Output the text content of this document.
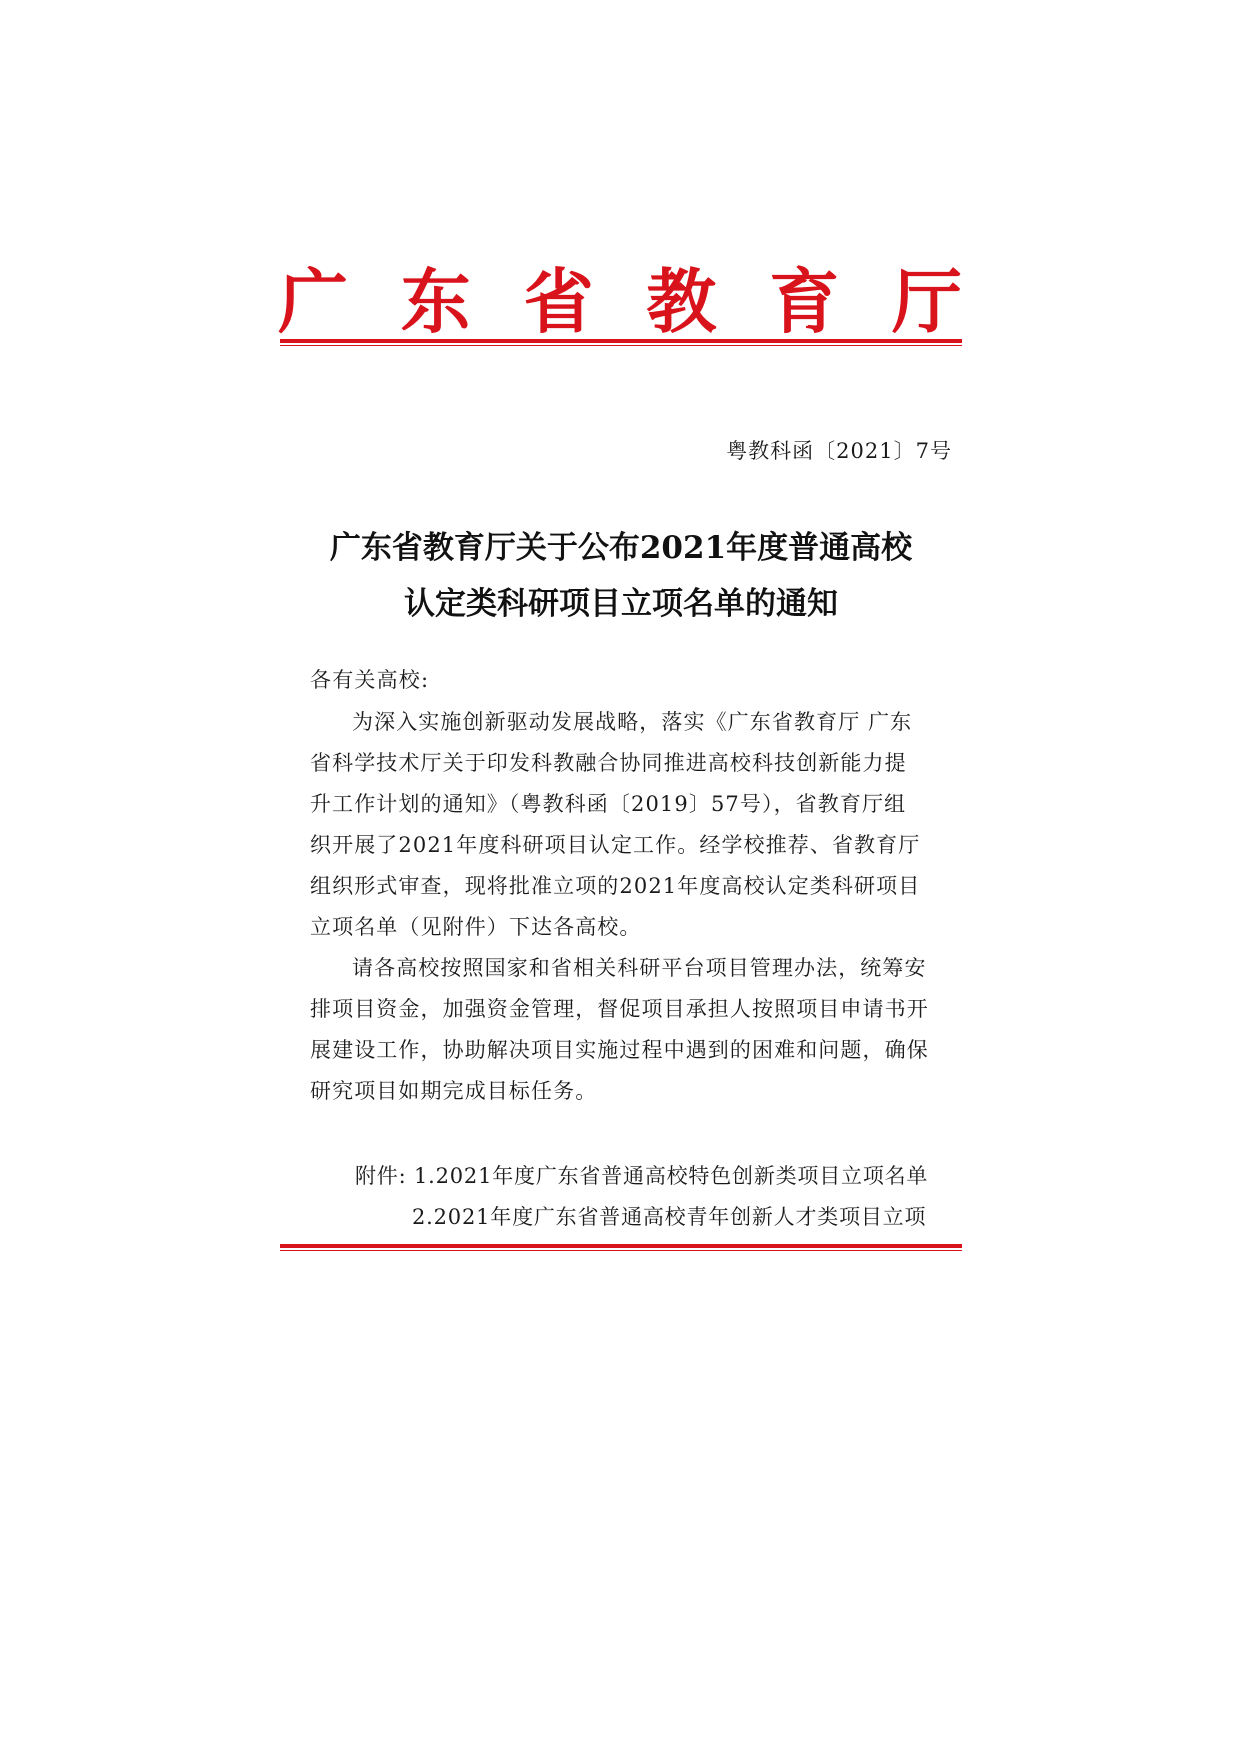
广 东 省 教 育 厅
粤教科函〔2021〕7号
广东省教育厅关于公布2021年度普通高校
认定类科研项目立项名单的通知
各有关高校:
为深入实施创新驱动发展战略，落实《广东省教育厅 广东
省科学技术厅关于印发科教融合协同推进高校科技创新能力提
升工作计划的通知》（粤教科函〔2019〕57号），省教育厅组
织开展了2021年度科研项目认定工作。经学校推荐、省教育厅
组织形式审查，现将批准立项的2021年度高校认定类科研项目
立项名单（见附件）下达各高校。
请各高校按照国家和省相关科研平台项目管理办法，统筹安
排项目资金，加强资金管理，督促项目承担人按照项目申请书开
展建设工作，协助解决项目实施过程中遇到的困难和问题，确保
研究项目如期完成目标任务。
附件: 1.2021年度广东省普通高校特色创新类项目立项名单
2.2021年度广东省普通高校青年创新人才类项目立项
